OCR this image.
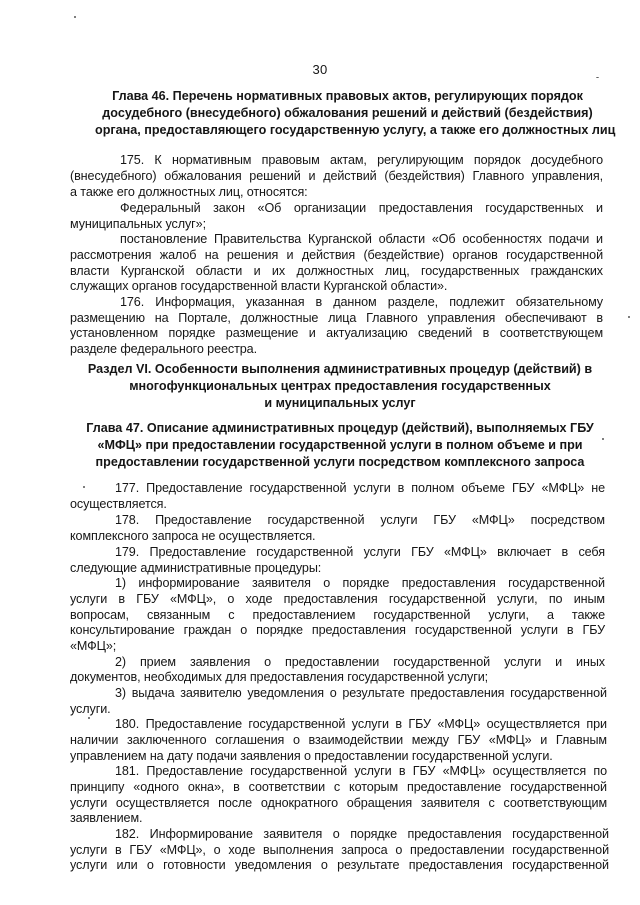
30
Глава 46. Перечень нормативных правовых актов, регулирующих порядок
досудебного (внесудебного) обжалования решений и действий (бездействия)
органа, предоставляющего государственную услугу, а также его должностных лиц
175. К нормативным правовым актам, регулирующим порядок досудебного
(внесудебного) обжалования решений и действий (бездействия) Главного управления,
а также его должностных лиц, относятся:
Федеральный закон «Об организации предоставления государственных и
муниципальных услуг»;
постановление Правительства Курганской области «Об особенностях подачи и
рассмотрения жалоб на решения и действия (бездействие) органов государственной
власти Курганской области и их должностных лиц, государственных гражданских
служащих органов государственной власти Курганской области».
176. Информация, указанная в данном разделе, подлежит обязательному
размещению на Портале, должностные лица Главного управления обеспечивают в
установленном порядке размещение и актуализацию сведений в соответствующем
разделе федерального реестра.
Раздел VI. Особенности выполнения административных процедур (действий) в
многофункциональных центрах предоставления государственных
и муниципальных услуг
Глава 47. Описание административных процедур (действий), выполняемых ГБУ
«МФЦ» при предоставлении государственной услуги в полном объеме и при
предоставлении государственной услуги посредством комплексного запроса
177. Предоставление государственной услуги в полном объеме ГБУ «МФЦ» не
осуществляется.
178. Предоставление государственной услуги ГБУ «МФЦ» посредством
комплексного запроса не осуществляется.
179. Предоставление государственной услуги ГБУ «МФЦ» включает в себя
следующие административные процедуры:
1) информирование заявителя о порядке предоставления государственной
услуги в ГБУ «МФЦ», о ходе предоставления государственной услуги, по иным
вопросам, связанным с предоставлением государственной услуги, а также
консультирование граждан о порядке предоставления государственной услуги в ГБУ
«МФЦ»;
2) прием заявления о предоставлении государственной услуги и иных
документов, необходимых для предоставления государственной услуги;
3) выдача заявителю уведомления о результате предоставления государственной
услуги.
180. Предоставление государственной услуги в ГБУ «МФЦ» осуществляется при
наличии заключенного соглашения о взаимодействии между ГБУ «МФЦ» и Главным
управлением на дату подачи заявления о предоставлении государственной услуги.
181. Предоставление государственной услуги в ГБУ «МФЦ» осуществляется по
принципу «одного окна», в соответствии с которым предоставление государственной
услуги осуществляется после однократного обращения заявителя с соответствующим
заявлением.
182. Информирование заявителя о порядке предоставления государственной
услуги в ГБУ «МФЦ», о ходе выполнения запроса о предоставлении государственной
услуги или о готовности уведомления о результате предоставления государственной
